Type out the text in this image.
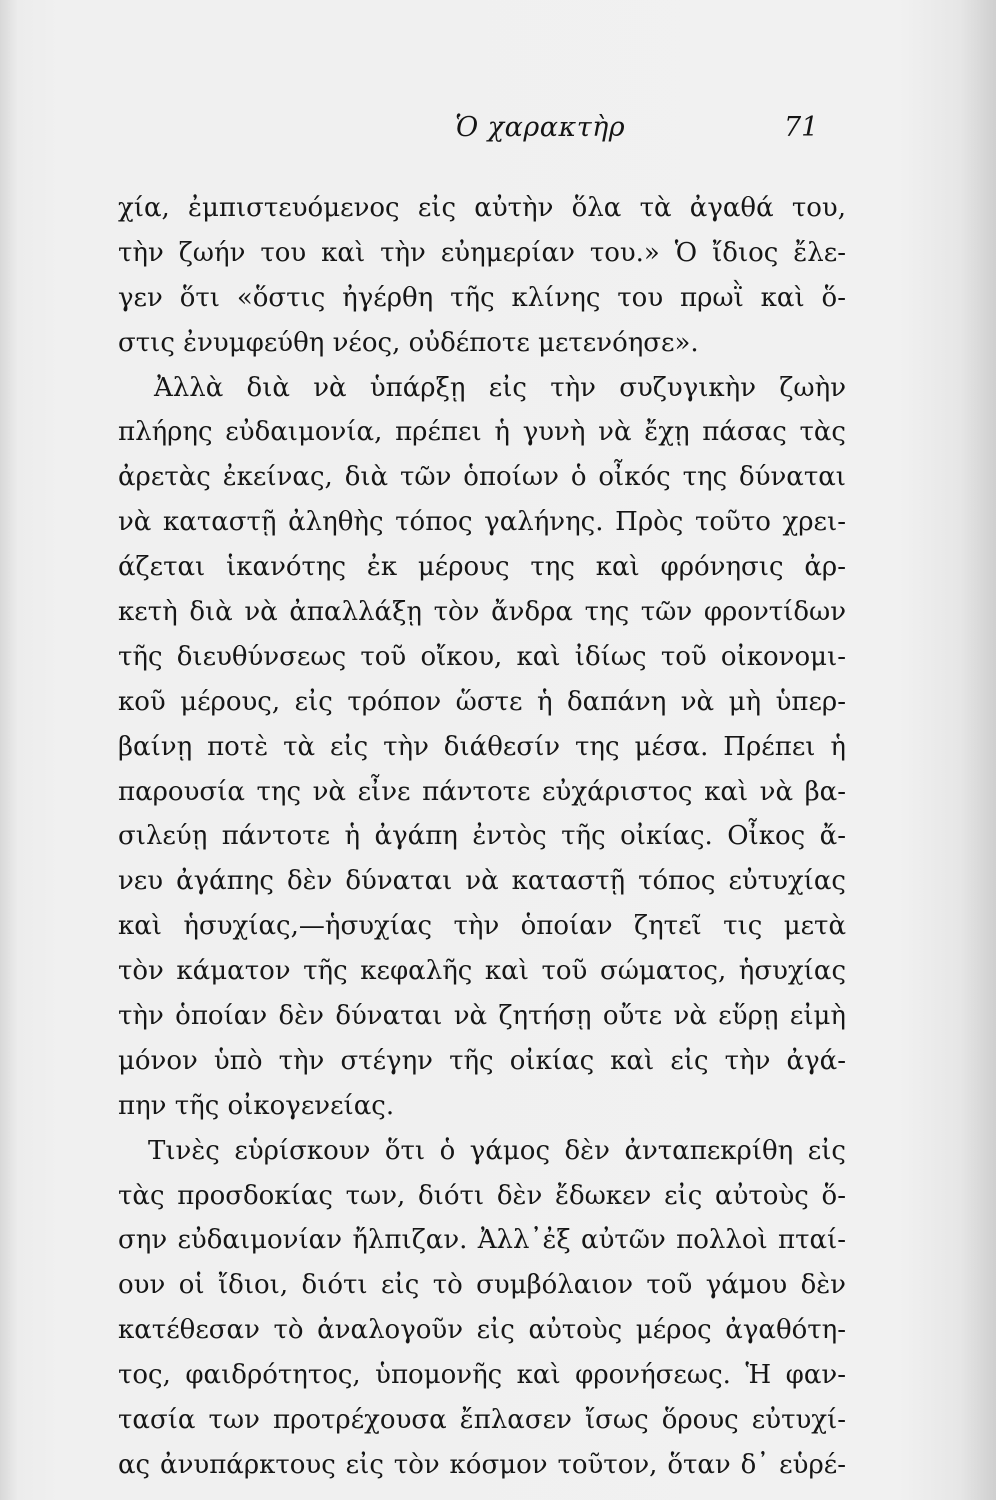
Ὁ χαρακτὴρ	71
χία, ἐμπιστευόμενος εἰς αὐτὴν ὅλα τὰ ἀγαθά του,
τὴν ζωήν του καὶ τὴν εὐημερίαν του.» Ὁ ἴδιος ἔλε-
γεν ὅτι «ὅστις ἠγέρθη τῆς κλίνης του πρωῒ καὶ ὅ-
στις ἐνυμφεύθη νέος, οὐδέποτε μετενόησε».
Ἀλλὰ διὰ νὰ ὑπάρξῃ εἰς τὴν συζυγικὴν ζωὴν
πλήρης εὐδαιμονία, πρέπει ἡ γυνὴ νὰ ἔχῃ πάσας τὰς
ἀρετὰς ἐκείνας, διὰ τῶν ὁποίων ὁ οἶκός της δύναται
νὰ καταστῇ ἀληθὴς τόπος γαλήνης. Πρὸς τοῦτο χρει-
άζεται ἱκανότης ἐκ μέρους της καὶ φρόνησις ἀρ-
κετὴ διὰ νὰ ἀπαλλάξῃ τὸν ἄνδρα της τῶν φροντίδων
τῆς διευθύνσεως τοῦ οἴκου, καὶ ἰδίως τοῦ οἰκονομι-
κοῦ μέρους, εἰς τρόπον ὥστε ἡ δαπάνη νὰ μὴ ὑπερ-
βαίνῃ ποτὲ τὰ εἰς τὴν διάθεσίν της μέσα. Πρέπει ἡ
παρουσία της νὰ εἶνε πάντοτε εὐχάριστος καὶ νὰ βα-
σιλεύῃ πάντοτε ἡ ἀγάπη ἐντὸς τῆς οἰκίας. Οἶκος ἄ-
νευ ἀγάπης δὲν δύναται νὰ καταστῇ τόπος εὐτυχίας
καὶ ἡσυχίας,—ἡσυχίας τὴν ὁποίαν ζητεῖ τις μετὰ
τὸν κάματον τῆς κεφαλῆς καὶ τοῦ σώματος, ἡσυχίας
τὴν ὁποίαν δὲν δύναται νὰ ζητήσῃ οὔτε νὰ εὕρῃ εἰμὴ
μόνον ὑπὸ τὴν στέγην τῆς οἰκίας καὶ εἰς τὴν ἀγά-
πην τῆς οἰκογενείας.
Τινὲς εὑρίσκουν ὅτι ὁ γάμος δὲν ἀνταπεκρίθη εἰς
τὰς προσδοκίας των, διότι δὲν ἔδωκεν εἰς αὐτοὺς ὅ-
σην εὐδαιμονίαν ἤλπιζαν. Ἀλλ᾽ἐξ αὐτῶν πολλοὶ πταί-
ουν οἱ ἴδιοι, διότι εἰς τὸ συμβόλαιον τοῦ γάμου δὲν
κατέθεσαν τὸ ἀναλογοῦν εἰς αὐτοὺς μέρος ἀγαθότη-
τος, φαιδρότητος, ὑπομονῆς καὶ φρονήσεως. Ἡ φαν-
τασία των προτρέχουσα ἔπλασεν ἴσως ὅρους εὐτυχί-
ας ἀνυπάρκτους εἰς τὸν κόσμον τοῦτον, ὅταν δ᾽ εὑρέ-
